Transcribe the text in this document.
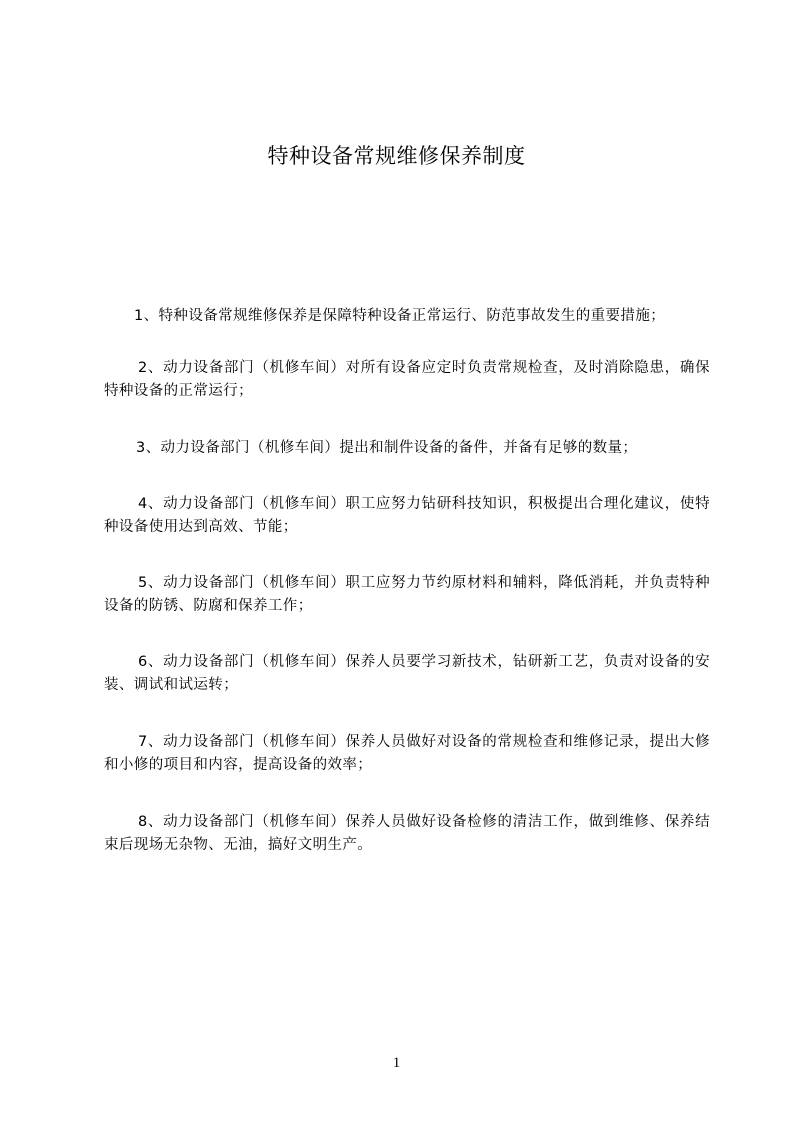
特种设备常规维修保养制度

1、特种设备常规维修保养是保障特种设备正常运行、防范事故发生的重要措施；

2、动力设备部门（机修车间）对所有设备应定时负责常规检查，及时消除隐患，确保特种设备的正常运行；

3、动力设备部门（机修车间）提出和制件设备的备件，并备有足够的数量；

4、动力设备部门（机修车间）职工应努力钻研科技知识，积极提出合理化建议，使特种设备使用达到高效、节能；

5、动力设备部门（机修车间）职工应努力节约原材料和辅料，降低消耗，并负责特种设备的防锈、防腐和保养工作；

6、动力设备部门（机修车间）保养人员要学习新技术，钻研新工艺，负责对设备的安装、调试和试运转；

7、动力设备部门（机修车间）保养人员做好对设备的常规检查和维修记录，提出大修和小修的项目和内容，提高设备的效率；

8、动力设备部门（机修车间）保养人员做好设备检修的清洁工作，做到维修、保养结束后现场无杂物、无油，搞好文明生产。

1
